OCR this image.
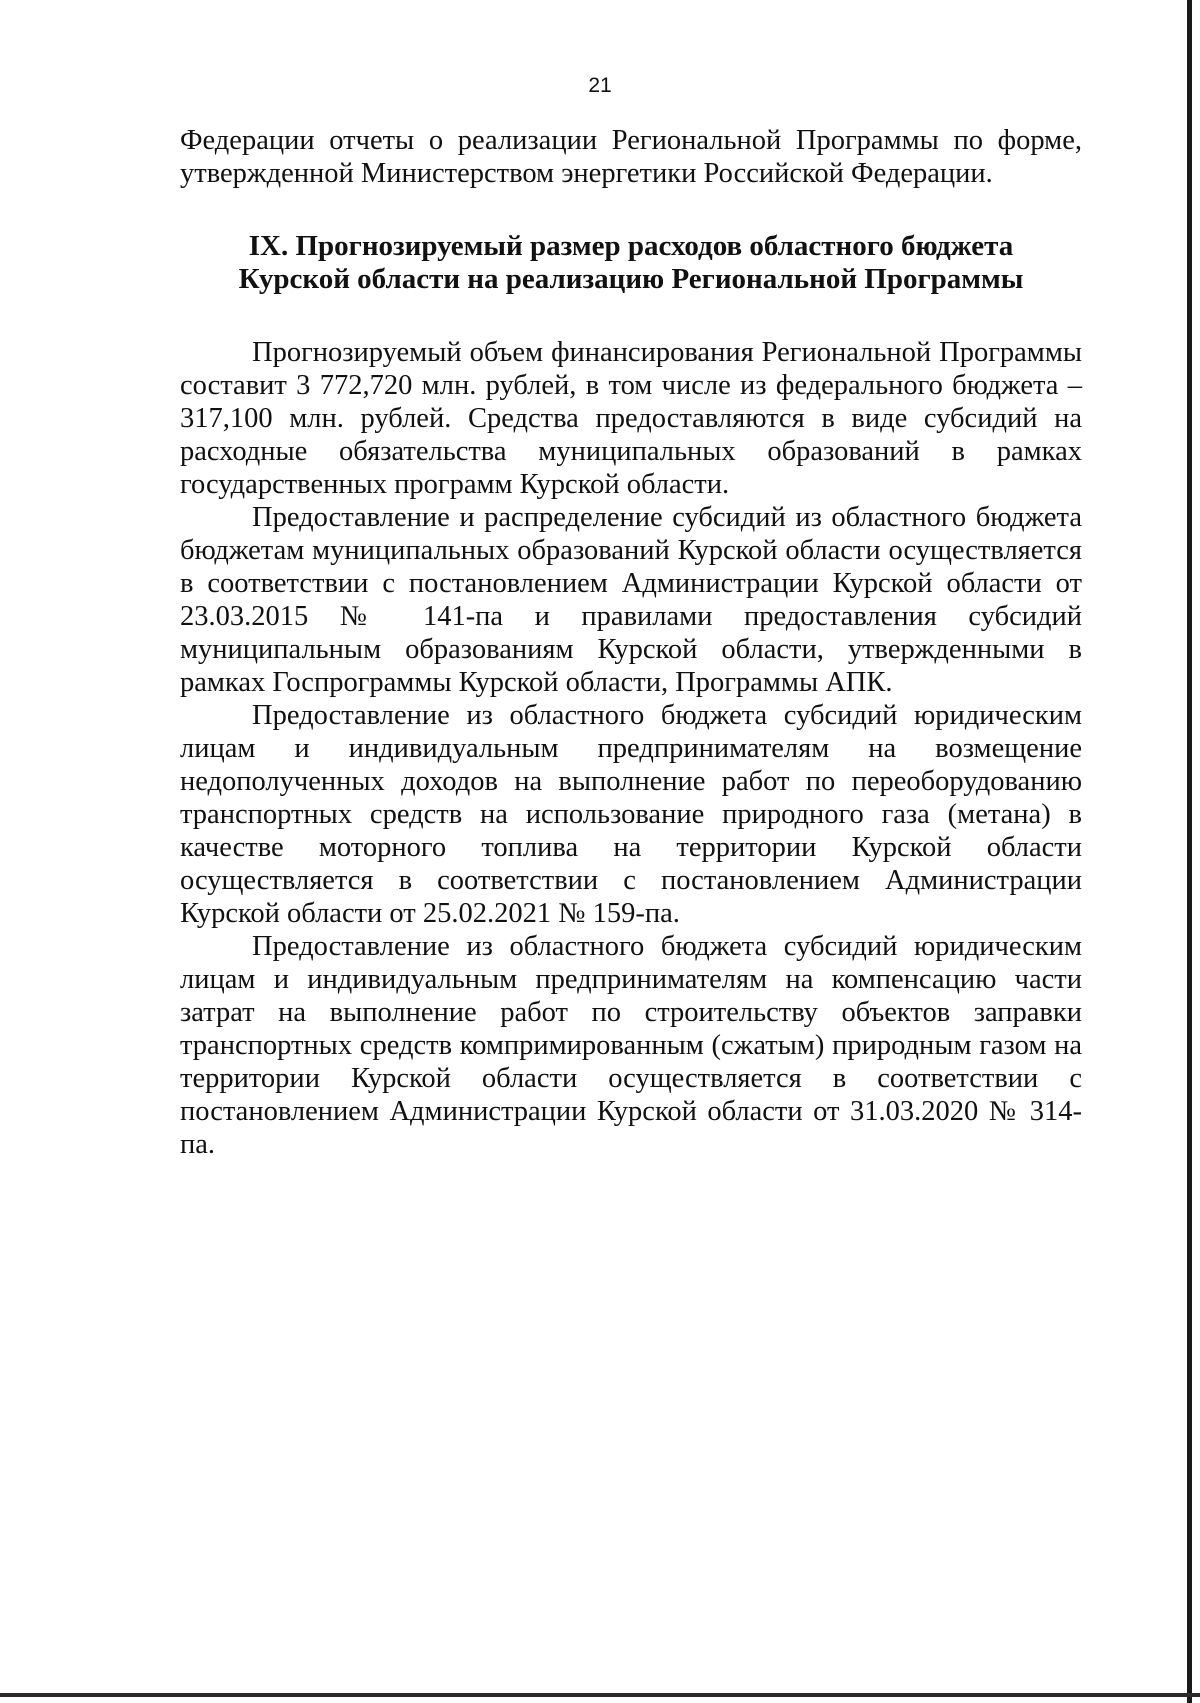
21

Федерации отчеты о реализации Региональной Программы по форме, утвержденной Министерством энергетики Российской Федерации.

IX. Прогнозируемый размер расходов областного бюджета
Курской области на реализацию Региональной Программы

Прогнозируемый объем финансирования Региональной Программы составит 3 772,720 млн. рублей, в том числе из федерального бюджета – 317,100 млн. рублей. Средства предоставляются в виде субсидий на расходные обязательства муниципальных образований в рамках государственных программ Курской области.

Предоставление и распределение субсидий из областного бюджета бюджетам муниципальных образований Курской области осуществляется в соответствии с постановлением Администрации Курской области от 23.03.2015 № 141-па и правилами предоставления субсидий муниципальным образованиям Курской области, утвержденными в рамках Госпрограммы Курской области, Программы АПК.

Предоставление из областного бюджета субсидий юридическим лицам и индивидуальным предпринимателям на возмещение недополученных доходов на выполнение работ по переоборудованию транспортных средств на использование природного газа (метана) в качестве моторного топлива на территории Курской области осуществляется в соответствии с постановлением Администрации Курской области от 25.02.2021 № 159-па.

Предоставление из областного бюджета субсидий юридическим лицам и индивидуальным предпринимателям на компенсацию части затрат на выполнение работ по строительству объектов заправки транспортных средств компримированным (сжатым) природным газом на территории Курской области осуществляется в соответствии с постановлением Администрации Курской области от 31.03.2020 № 314-па.
